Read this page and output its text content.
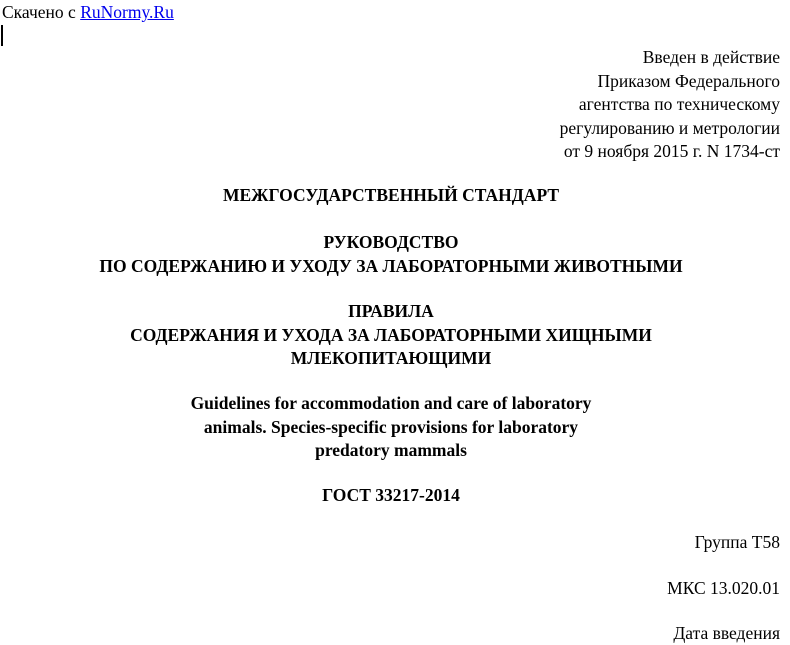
Скачено с RuNormy.Ru
Введен в действие
Приказом Федерального
агентства по техническому
регулированию и метрологии
от 9 ноября 2015 г. N 1734-ст
МЕЖГОСУДАРСТВЕННЫЙ СТАНДАРТ
РУКОВОДСТВО
ПО СОДЕРЖАНИЮ И УХОДУ ЗА ЛАБОРАТОРНЫМИ ЖИВОТНЫМИ
ПРАВИЛА
СОДЕРЖАНИЯ И УХОДА ЗА ЛАБОРАТОРНЫМИ ХИЩНЫМИ
МЛЕКОПИТАЮЩИМИ
Guidelines for accommodation and care of laboratory
animals. Species-specific provisions for laboratory
predatory mammals
ГОСТ 33217-2014
Группа Т58
МКС 13.020.01
Дата введения
